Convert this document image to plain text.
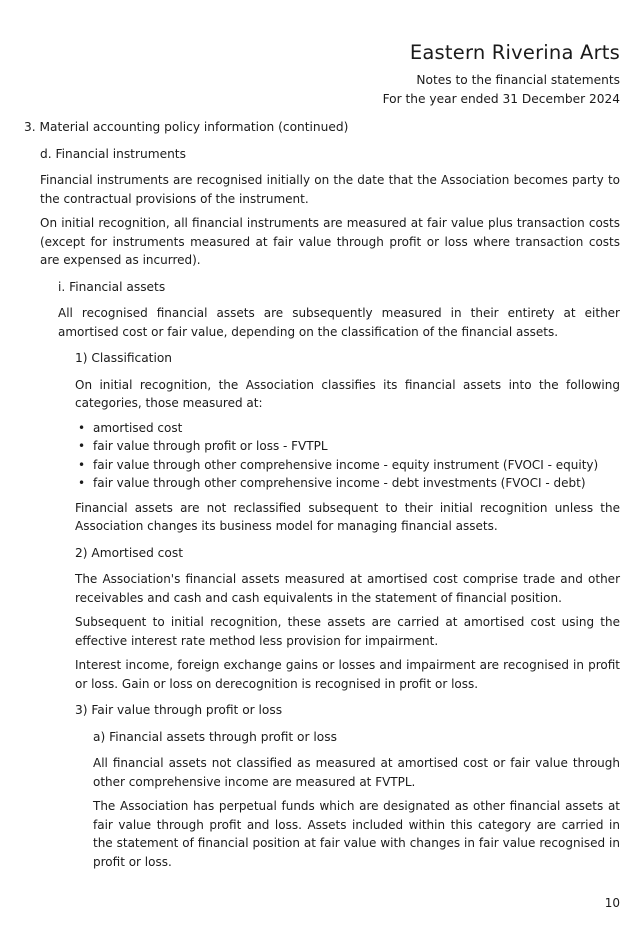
Eastern Riverina Arts
Notes to the financial statements
For the year ended 31 December 2024
3. Material accounting policy information (continued)
d. Financial instruments

Financial instruments are recognised initially on the date that the Association becomes party to the contractual provisions of the instrument.

On initial recognition, all financial instruments are measured at fair value plus transaction costs (except for instruments measured at fair value through profit or loss where transaction costs are expensed as incurred).

i. Financial assets

All recognised financial assets are subsequently measured in their entirety at either amortised cost or fair value, depending on the classification of the financial assets.

1) Classification

On initial recognition, the Association classifies its financial assets into the following categories, those measured at:

• amortised cost
• fair value through profit or loss - FVTPL
• fair value through other comprehensive income - equity instrument (FVOCI - equity)
• fair value through other comprehensive income - debt investments (FVOCI - debt)

Financial assets are not reclassified subsequent to their initial recognition unless the Association changes its business model for managing financial assets.

2) Amortised cost

The Association's financial assets measured at amortised cost comprise trade and other receivables and cash and cash equivalents in the statement of financial position.

Subsequent to initial recognition, these assets are carried at amortised cost using the effective interest rate method less provision for impairment.

Interest income, foreign exchange gains or losses and impairment are recognised in profit or loss. Gain or loss on derecognition is recognised in profit or loss.

3) Fair value through profit or loss
a) Financial assets through profit or loss

All financial assets not classified as measured at amortised cost or fair value through other comprehensive income are measured at FVTPL.

The Association has perpetual funds which are designated as other financial assets at fair value through profit and loss. Assets included within this category are carried in the statement of financial position at fair value with changes in fair value recognised in profit or loss.

10
